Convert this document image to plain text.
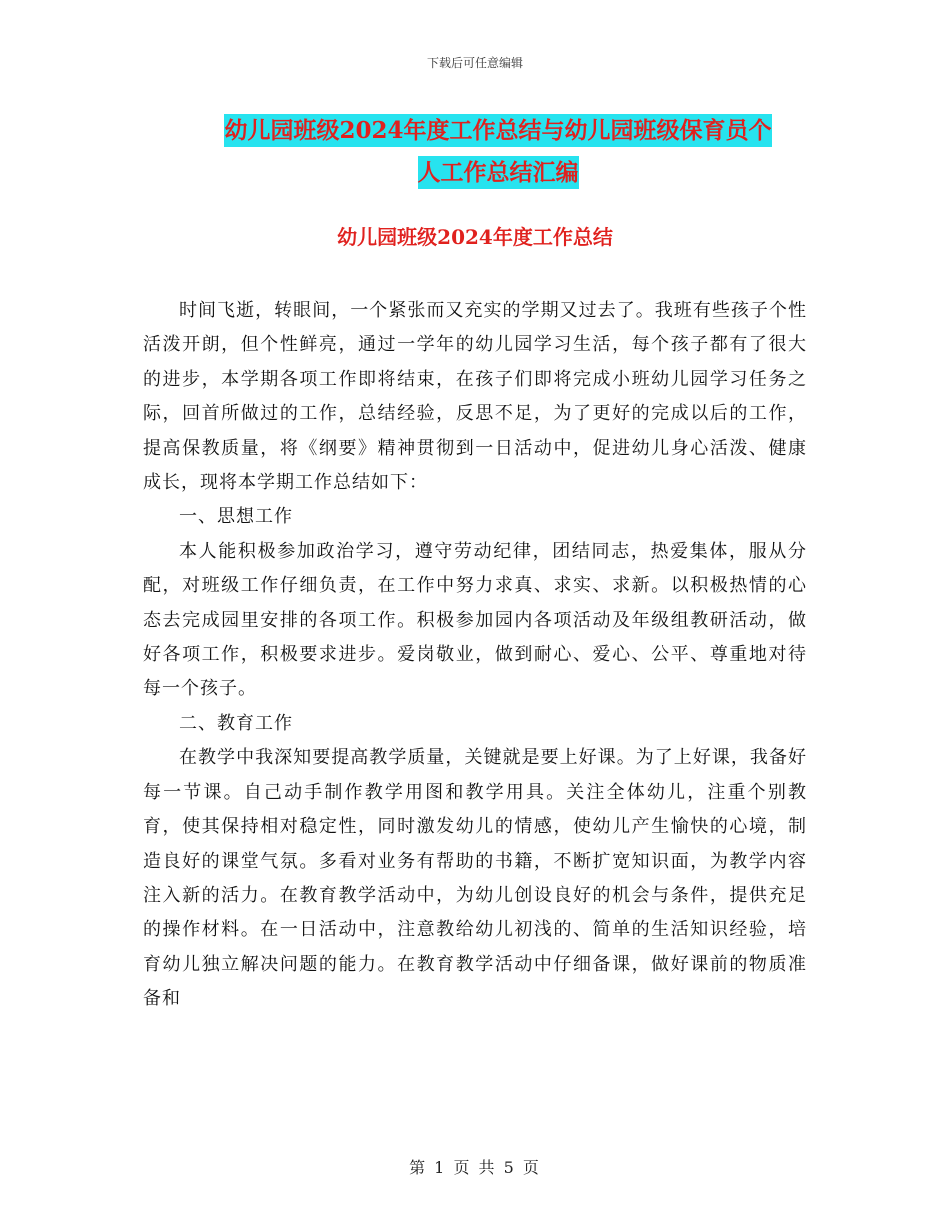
下载后可任意编辑
幼儿园班级2024年度工作总结与幼儿园班级保育员个
人工作总结汇编
幼儿园班级2024年度工作总结

时间飞逝，转眼间，一个紧张而又充实的学期又过去了。我班有些孩子个性活泼开朗，但个性鲜亮，通过一学年的幼儿园学习生活，每个孩子都有了很大的进步，本学期各项工作即将结束，在孩子们即将完成小班幼儿园学习任务之际，回首所做过的工作，总结经验，反思不足，为了更好的完成以后的工作，提高保教质量，将《纲要》精神贯彻到一日活动中，促进幼儿身心活泼、健康成长，现将本学期工作总结如下：

一、思想工作

本人能积极参加政治学习，遵守劳动纪律，团结同志，热爱集体，服从分配，对班级工作仔细负责，在工作中努力求真、求实、求新。以积极热情的心态去完成园里安排的各项工作。积极参加园内各项活动及年级组教研活动，做好各项工作，积极要求进步。爱岗敬业，做到耐心、爱心、公平、尊重地对待每一个孩子。

二、教育工作

在教学中我深知要提高教学质量，关键就是要上好课。为了上好课，我备好每一节课。自己动手制作教学用图和教学用具。关注全体幼儿，注重个别教育，使其保持相对稳定性，同时激发幼儿的情感，使幼儿产生愉快的心境，制造良好的课堂气氛。多看对业务有帮助的书籍，不断扩宽知识面，为教学内容注入新的活力。在教育教学活动中，为幼儿创设良好的机会与条件，提供充足的操作材料。在一日活动中，注意教给幼儿初浅的、简单的生活知识经验，培育幼儿独立解决问题的能力。在教育教学活动中仔细备课，做好课前的物质准备和

第 1 页 共 5 页
